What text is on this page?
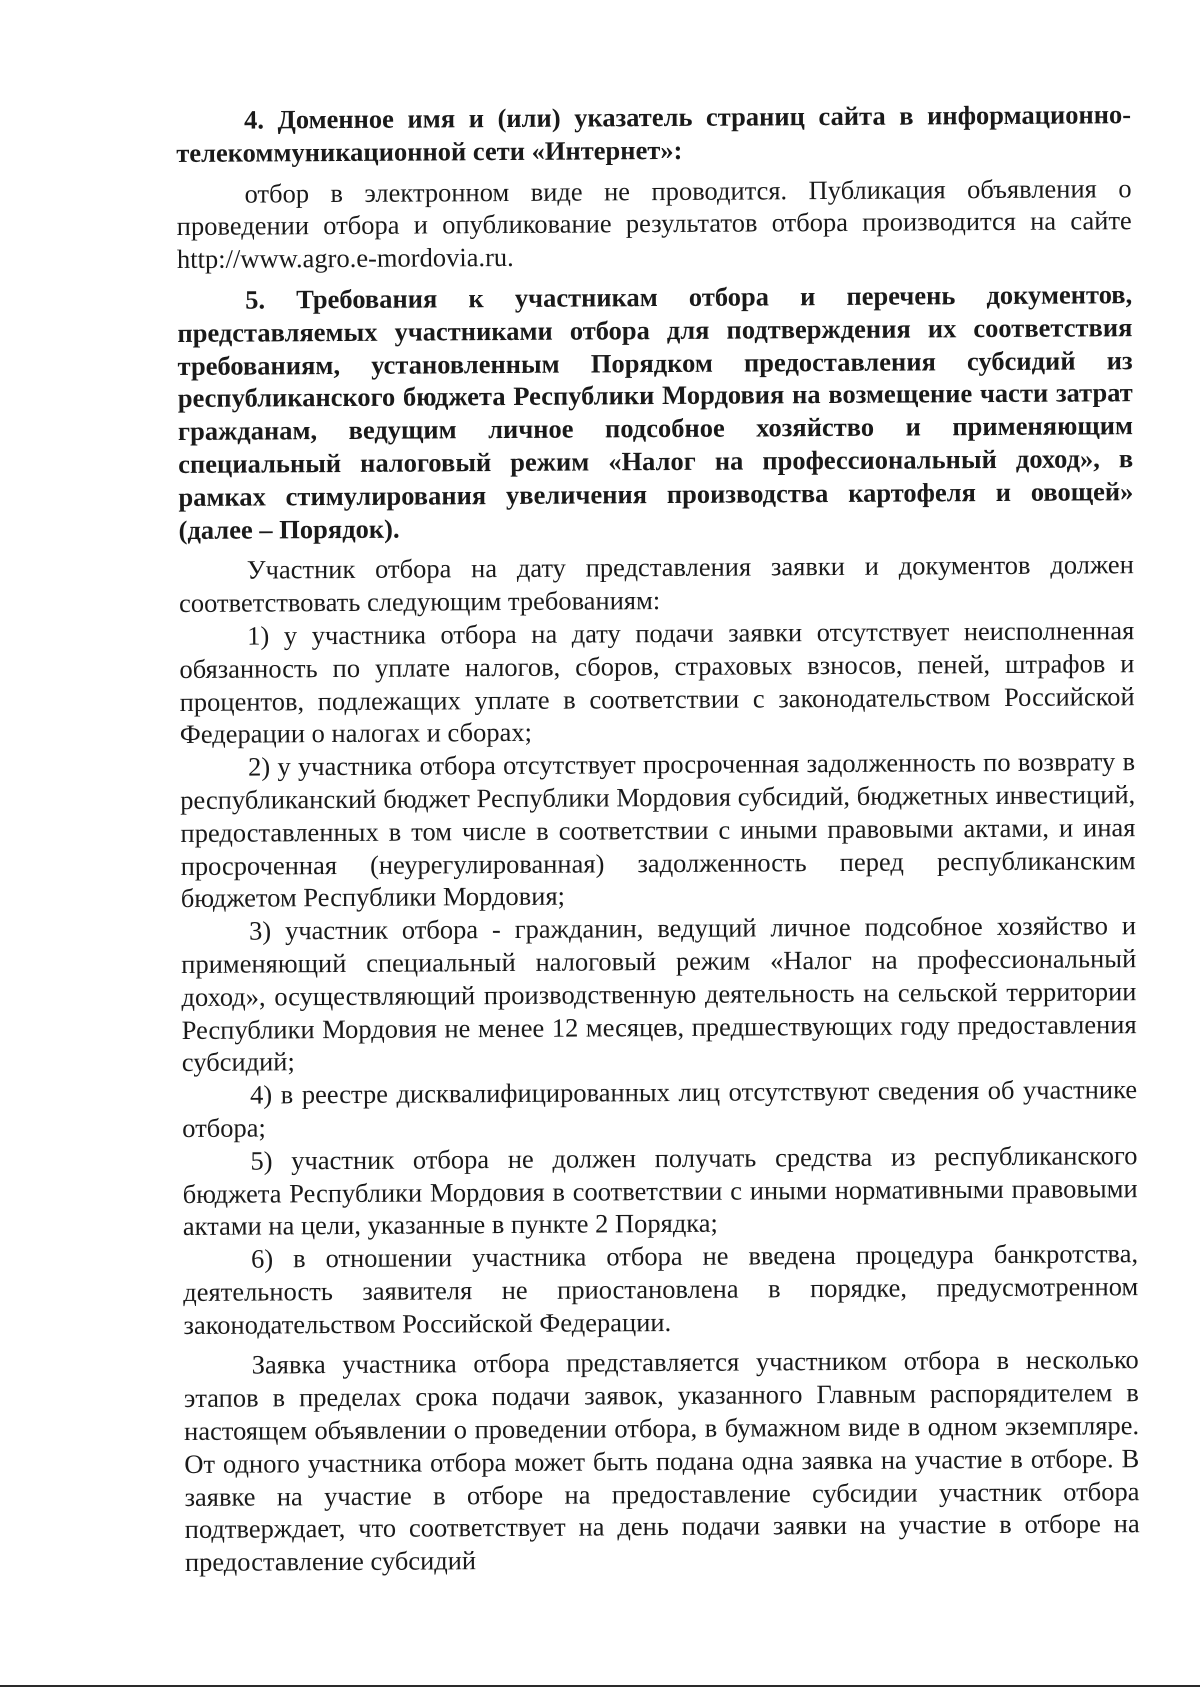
4. Доменное имя и (или) указатель страниц сайта в информационно-телекоммуникационной сети «Интернет»:

отбор в электронном виде не проводится. Публикация объявления о проведении отбора и опубликование результатов отбора производится на сайте http://www.agro.e-mordovia.ru.

5. Требования к участникам отбора и перечень документов, представляемых участниками отбора для подтверждения их соответствия требованиям, установленным Порядком предоставления субсидий из республиканского бюджета Республики Мордовия на возмещение части затрат гражданам, ведущим личное подсобное хозяйство и применяющим специальный налоговый режим «Налог на профессиональный доход», в рамках стимулирования увеличения производства картофеля и овощей» (далее – Порядок).

Участник отбора на дату представления заявки и документов должен соответствовать следующим требованиям:

1) у участника отбора на дату подачи заявки отсутствует неисполненная обязанность по уплате налогов, сборов, страховых взносов, пеней, штрафов и процентов, подлежащих уплате в соответствии с законодательством Российской Федерации о налогах и сборах;

2) у участника отбора отсутствует просроченная задолженность по возврату в республиканский бюджет Республики Мордовия субсидий, бюджетных инвестиций, предоставленных в том числе в соответствии с иными правовыми актами, и иная просроченная (неурегулированная) задолженность перед республиканским бюджетом Республики Мордовия;

3) участник отбора - гражданин, ведущий личное подсобное хозяйство и применяющий специальный налоговый режим «Налог на профессиональный доход», осуществляющий производственную деятельность на сельской территории Республики Мордовия не менее 12 месяцев, предшествующих году предоставления субсидий;

4) в реестре дисквалифицированных лиц отсутствуют сведения об участнике отбора;

5) участник отбора не должен получать средства из республиканского бюджета Республики Мордовия в соответствии с иными нормативными правовыми актами на цели, указанные в пункте 2 Порядка;

6) в отношении участника отбора не введена процедура банкротства, деятельность заявителя не приостановлена в порядке, предусмотренном законодательством Российской Федерации.

Заявка участника отбора представляется участником отбора в несколько этапов в пределах срока подачи заявок, указанного Главным распорядителем в настоящем объявлении о проведении отбора, в бумажном виде в одном экземпляре. От одного участника отбора может быть подана одна заявка на участие в отборе. В заявке на участие в отборе на предоставление субсидии участник отбора подтверждает, что соответствует на день подачи заявки на участие в отборе на предоставление субсидий
